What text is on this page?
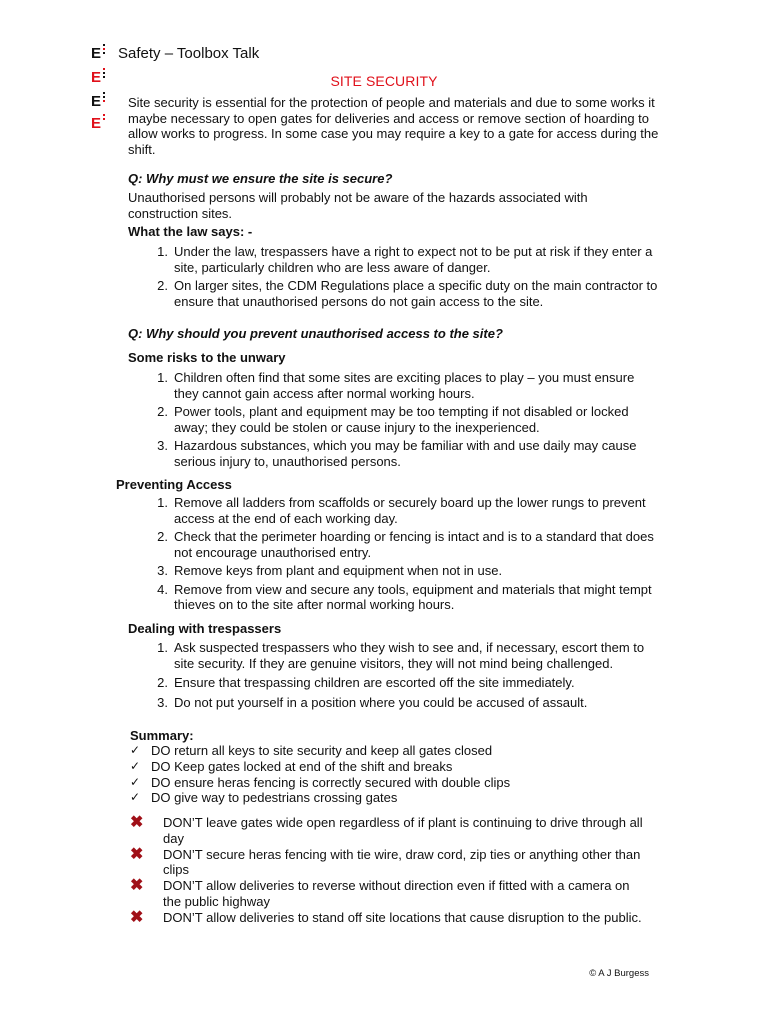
E
E
E
E
Safety – Toolbox Talk
SITE SECURITY
Site security is essential for the protection of people and materials and due to some works it maybe necessary to open gates for deliveries and access or remove section of hoarding to allow works to progress. In some case you may require a key to a gate for access during the shift.
Q: Why must we ensure the site is secure?
Unauthorised persons will probably not be aware of the hazards associated with construction sites.
What the law says: -
1. Under the law, trespassers have a right to expect not to be put at risk if they enter a site, particularly children who are less aware of danger.
2. On larger sites, the CDM Regulations place a specific duty on the main contractor to ensure that unauthorised persons do not gain access to the site.
Q: Why should you prevent unauthorised access to the site?
Some risks to the unwary
1. Children often find that some sites are exciting places to play – you must ensure they cannot gain access after normal working hours.
2. Power tools, plant and equipment may be too tempting if not disabled or locked away; they could be stolen or cause injury to the inexperienced.
3. Hazardous substances, which you may be familiar with and use daily may cause serious injury to, unauthorised persons.
Preventing Access
1. Remove all ladders from scaffolds or securely board up the lower rungs to prevent access at the end of each working day.
2. Check that the perimeter hoarding or fencing is intact and is to a standard that does not encourage unauthorised entry.
3. Remove keys from plant and equipment when not in use.
4. Remove from view and secure any tools, equipment and materials that might tempt thieves on to the site after normal working hours.
Dealing with trespassers
1. Ask suspected trespassers who they wish to see and, if necessary, escort them to site security. If they are genuine visitors, they will not mind being challenged.
2. Ensure that trespassing children are escorted off the site immediately.
3. Do not put yourself in a position where you could be accused of assault.
Summary:
✓ DO return all keys to site security and keep all gates closed
✓ DO Keep gates locked at end of the shift and breaks
✓ DO ensure heras fencing is correctly secured with double clips
✓ DO give way to pedestrians crossing gates
✖ DON’T leave gates wide open regardless of if plant is continuing to drive through all day
✖ DON’T secure heras fencing with tie wire, draw cord, zip ties or anything other than clips
✖ DON’T allow deliveries to reverse without direction even if fitted with a camera on the public highway
✖ DON’T allow deliveries to stand off site locations that cause disruption to the public.
© A J Burgess
